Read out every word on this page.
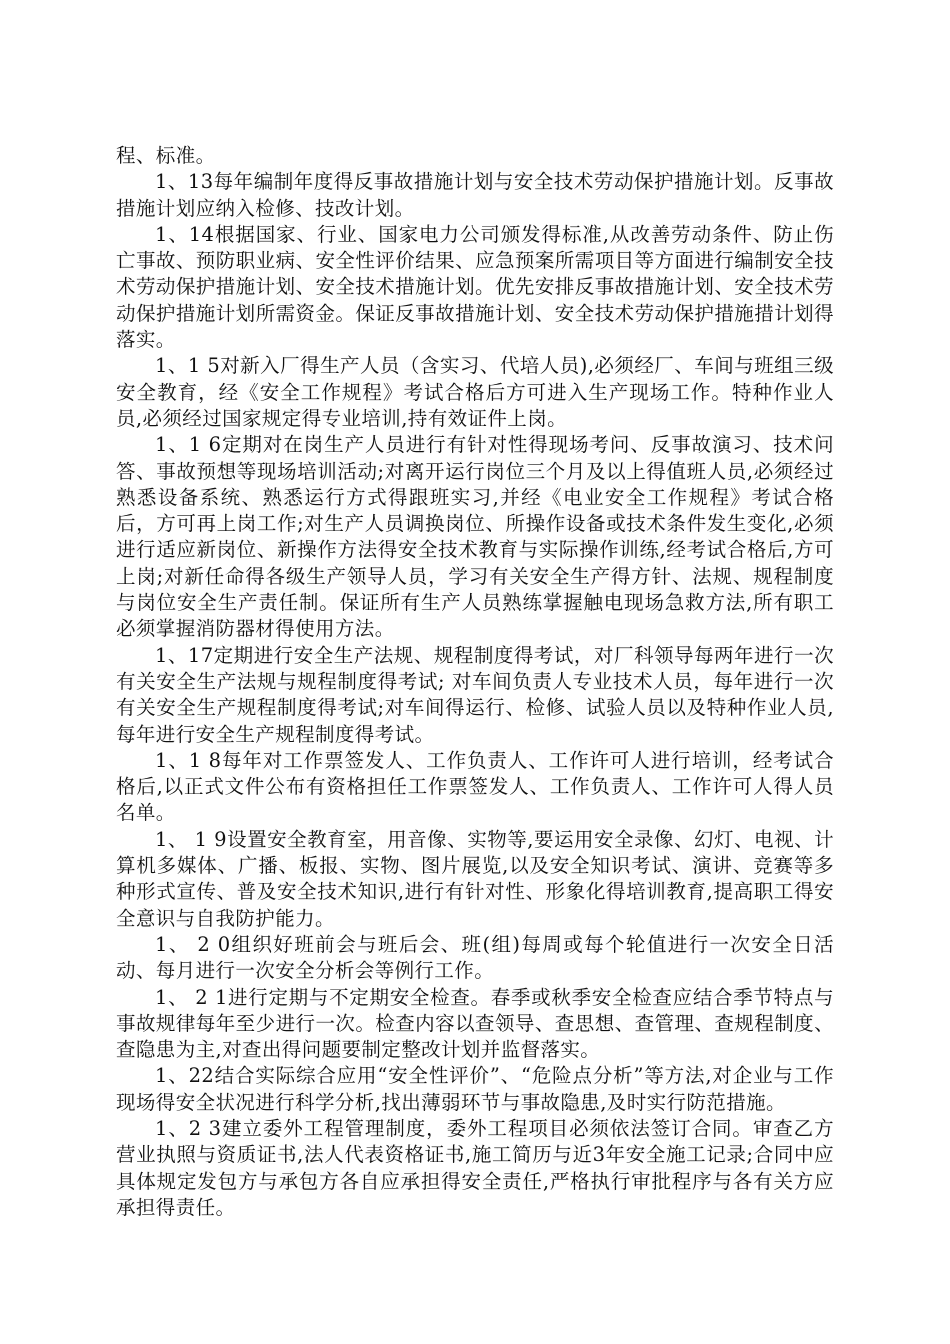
程、标准。

1、13每年编制年度得反事故措施计划与安全技术劳动保护措施计划。反事故措施计划应纳入检修、技改计划。

1、14根据国家、行业、国家电力公司颁发得标准,从改善劳动条件、防止伤亡事故、预防职业病、安全性评价结果、应急预案所需项目等方面进行编制安全技术劳动保护措施计划、安全技术措施计划。优先安排反事故措施计划、安全技术劳动保护措施计划所需资金。保证反事故措施计划、安全技术劳动保护措施措计划得落实。

1、1 5对新入厂得生产人员（含实习、代培人员),必须经厂、车间与班组三级安全教育，经《安全工作规程》考试合格后方可进入生产现场工作。特种作业人员,必须经过国家规定得专业培训,持有效证件上岗。

1、1 6定期对在岗生产人员进行有针对性得现场考问、反事故演习、技术问答、事故预想等现场培训活动;对离开运行岗位三个月及以上得值班人员,必须经过熟悉设备系统、熟悉运行方式得跟班实习,并经《电业安全工作规程》考试合格后，方可再上岗工作;对生产人员调换岗位、所操作设备或技术条件发生变化,必须进行适应新岗位、新操作方法得安全技术教育与实际操作训练,经考试合格后,方可上岗;对新任命得各级生产领导人员，学习有关安全生产得方针、法规、规程制度与岗位安全生产责任制。保证所有生产人员熟练掌握触电现场急救方法,所有职工必须掌握消防器材得使用方法。

1、17定期进行安全生产法规、规程制度得考试，对厂科领导每两年进行一次有关安全生产法规与规程制度得考试; 对车间负责人专业技术人员，每年进行一次有关安全生产规程制度得考试;对车间得运行、检修、试验人员以及特种作业人员,每年进行安全生产规程制度得考试。

1、1 8每年对工作票签发人、工作负责人、工作许可人进行培训，经考试合格后,以正式文件公布有资格担任工作票签发人、工作负责人、工作许可人得人员名单。

1、 1 9设置安全教育室，用音像、实物等,要运用安全录像、幻灯、电视、计算机多媒体、广播、板报、实物、图片展览,以及安全知识考试、演讲、竞赛等多种形式宣传、普及安全技术知识,进行有针对性、形象化得培训教育,提高职工得安全意识与自我防护能力。

1、 2 0组织好班前会与班后会、班(组)每周或每个轮值进行一次安全日活动、每月进行一次安全分析会等例行工作。

1、 2 1进行定期与不定期安全检查。春季或秋季安全检查应结合季节特点与事故规律每年至少进行一次。检查内容以查领导、查思想、查管理、查规程制度、查隐患为主,对查出得问题要制定整改计划并监督落实。

1、22结合实际综合应用“安全性评价”、“危险点分析”等方法,对企业与工作现场得安全状况进行科学分析,找出薄弱环节与事故隐患,及时实行防范措施。

1、2 3建立委外工程管理制度，委外工程项目必须依法签订合同。审查乙方营业执照与资质证书,法人代表资格证书,施工简历与近3年安全施工记录;合同中应具体规定发包方与承包方各自应承担得安全责任,严格执行审批程序与各有关方应承担得责任。
